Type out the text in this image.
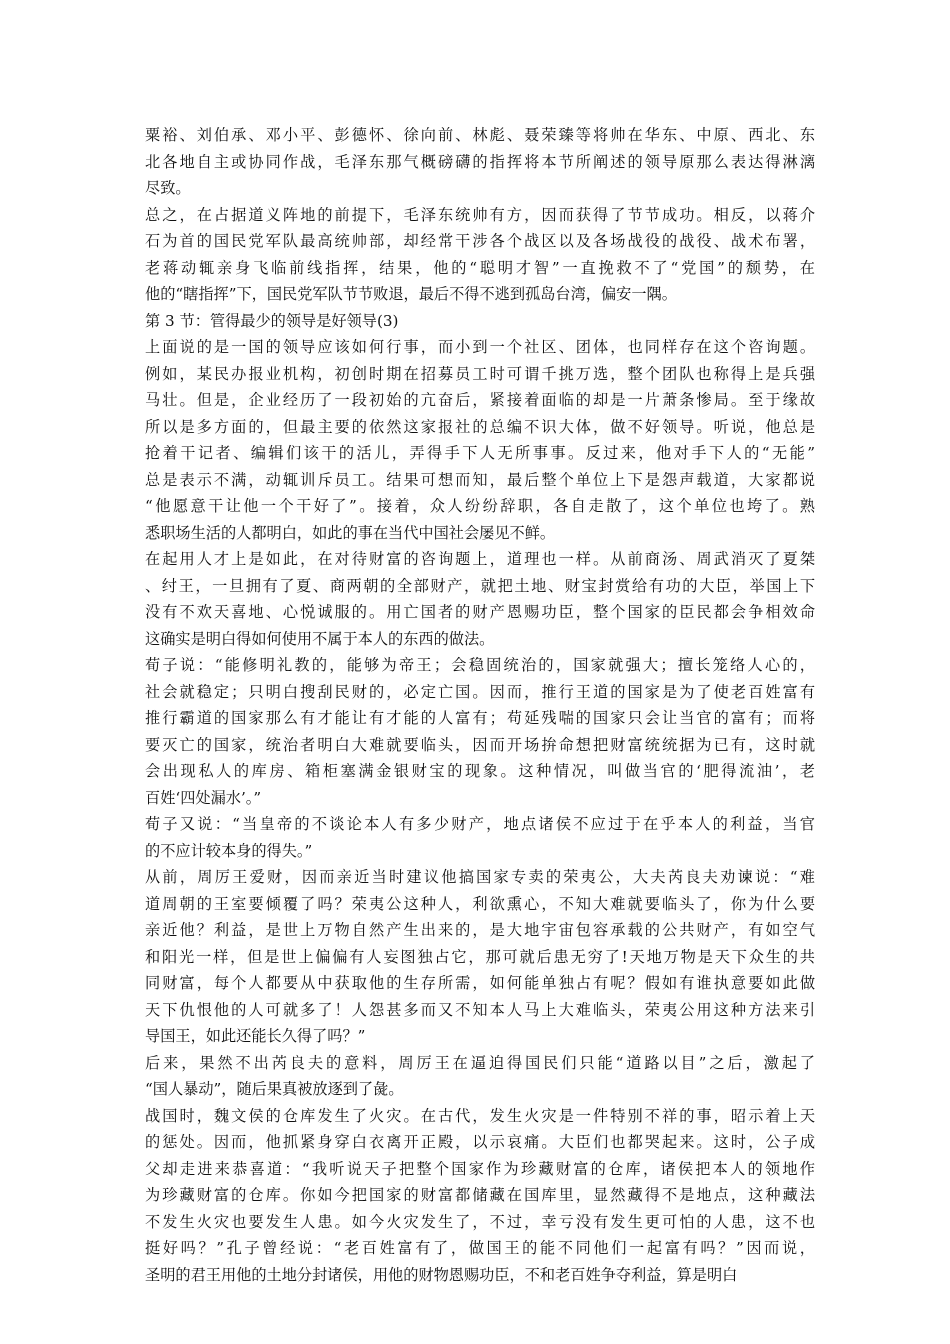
粟裕、刘伯承、邓小平、彭德怀、徐向前、林彪、聂荣臻等将帅在华东、中原、西北、东
北各地自主或协同作战，毛泽东那气概磅礴的指挥将本节所阐述的领导原那么表达得淋漓
尽致。
总之，在占据道义阵地的前提下，毛泽东统帅有方，因而获得了节节成功。相反，以蒋介
石为首的国民党军队最高统帅部，却经常干涉各个战区以及各场战役的战役、战术布署，
老蒋动辄亲身飞临前线指挥，结果，他的“聪明才智”一直挽救不了“党国”的颓势，在
他的“瞎指挥”下，国民党军队节节败退，最后不得不逃到孤岛台湾，偏安一隅。
第 3 节：管得最少的领导是好领导(3)
上面说的是一国的领导应该如何行事，而小到一个社区、团体，也同样存在这个咨询题。
例如，某民办报业机构，初创时期在招募员工时可谓千挑万选，整个团队也称得上是兵强
马壮。但是，企业经历了一段初始的亢奋后，紧接着面临的却是一片萧条惨局。至于缘故
所以是多方面的，但最主要的依然这家报社的总编不识大体，做不好领导。听说，他总是
抢着干记者、编辑们该干的活儿，弄得手下人无所事事。反过来，他对手下人的“无能”
总是表示不满，动辄训斥员工。结果可想而知，最后整个单位上下是怨声载道，大家都说
“他愿意干让他一个干好了”。接着，众人纷纷辞职，各自走散了，这个单位也垮了。熟
悉职场生活的人都明白，如此的事在当代中国社会屡见不鲜。
在起用人才上是如此，在对待财富的咨询题上，道理也一样。从前商汤、周武消灭了夏桀
、纣王，一旦拥有了夏、商两朝的全部财产，就把土地、财宝封赏给有功的大臣，举国上下
没有不欢天喜地、心悦诚服的。用亡国者的财产恩赐功臣，整个国家的臣民都会争相效命
这确实是明白得如何使用不属于本人的东西的做法。
荀子说：“能修明礼教的，能够为帝王；会稳固统治的，国家就强大；擅长笼络人心的，
社会就稳定；只明白搜刮民财的，必定亡国。因而，推行王道的国家是为了使老百姓富有
推行霸道的国家那么有才能让有才能的人富有；苟延残喘的国家只会让当官的富有；而将
要灭亡的国家，统治者明白大难就要临头，因而开场拚命想把财富统统据为已有，这时就
会出现私人的库房、箱柜塞满金银财宝的现象。这种情况，叫做当官的‘肥得流油’，老
百姓‘四处漏水’。”
荀子又说：“当皇帝的不谈论本人有多少财产，地点诸侯不应过于在乎本人的利益，当官
的不应计较本身的得失。”
从前，周厉王爱财，因而亲近当时建议他搞国家专卖的荣夷公，大夫芮良夫劝谏说：“难
道周朝的王室要倾覆了吗？荣夷公这种人，利欲熏心，不知大难就要临头了，你为什么要
亲近他？利益，是世上万物自然产生出来的，是大地宇宙包容承载的公共财产，有如空气
和阳光一样，但是世上偏偏有人妄图独占它，那可就后患无穷了!天地万物是天下众生的共
同财富，每个人都要从中获取他的生存所需，如何能单独占有呢？假如有谁执意要如此做
天下仇恨他的人可就多了！人怨甚多而又不知本人马上大难临头，荣夷公用这种方法来引
导国王，如此还能长久得了吗？”
后来，果然不出芮良夫的意料，周厉王在逼迫得国民们只能“道路以目”之后，激起了
“国人暴动”，随后果真被放逐到了彘。
战国时，魏文侯的仓库发生了火灾。在古代，发生火灾是一件特别不祥的事，昭示着上天
的惩处。因而，他抓紧身穿白衣离开正殿，以示哀痛。大臣们也都哭起来。这时，公子成
父却走进来恭喜道：“我听说天子把整个国家作为珍藏财富的仓库，诸侯把本人的领地作
为珍藏财富的仓库。你如今把国家的财富都储藏在国库里，显然藏得不是地点，这种藏法
不发生火灾也要发生人患。如今火灾发生了，不过，幸亏没有发生更可怕的人患，这不也
挺好吗？”孔子曾经说：“老百姓富有了，做国王的能不同他们一起富有吗？”因而说，
圣明的君王用他的土地分封诸侯，用他的财物恩赐功臣，不和老百姓争夺利益，算是明白
